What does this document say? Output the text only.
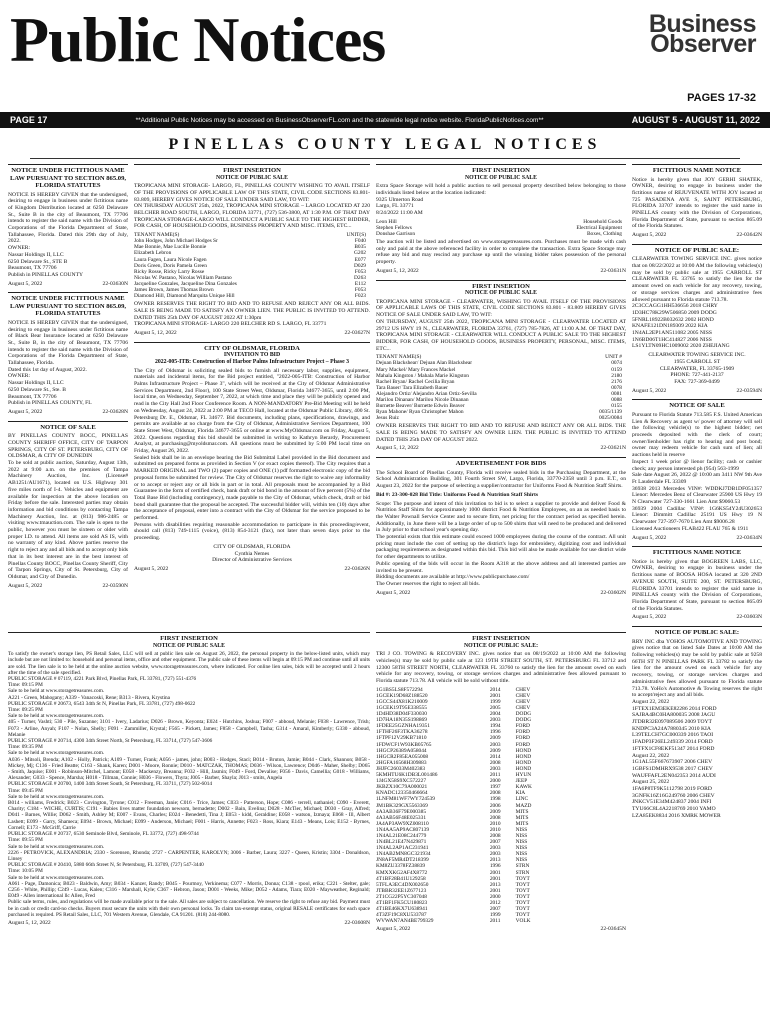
Public Notices	Business
Observer
PAGES 17-32
PAGE 17	**Additional Public Notices may be accessed on BusinessObserverFL.com and the statewide legal notice website. FloridaPublicNotices.com**	AUGUST 5 - AUGUST 11, 2022
PINELLAS COUNTY LEGAL NOTICES
NOTICE UNDER FICTITIOUS NAME LAW PURSUANT TO SECTION 865.09, FLORIDA STATUTES
NOTICE IS HEREBY GIVEN that the undersigned, desiring to engage in business under fictitious name of Kingdom Distribution located at 6250 Delaware St., Suite B in the city of Beaumont, TX 77706 intends to register the said name with the Division of Corporations of the Florida Department of State, Tallahassee, Florida. Dated this 29th day of July, 2022.
OWNER:
Nassar Holdings II, LLC
6250 Delaware St., STE B
Beaumont, TX 77706
Publish in PINELLAS COUNTY
August 5, 2022	22-03630N
NOTICE UNDER FICTITIOUS NAME LAW PURSUANT TO SECTION 865.09, FLORIDA STATUTES
NOTICE IS HEREBY GIVEN that the undersigned, desiring to engage in business under fictitious name of Black Bear Insurance located at 6250 Delaware St., Suite B, in the city of Beaumont, TX 77706 intends to register the said name with the Division of Corporations of the Florida Department of State, Tallahassee, Florida.
Dated this 1st day of August, 2022.
OWNER:
Nassar Holdings II, LLC
6250 Delaware St., Ste. B
Beaumont, TX 77706
Publish in PINELLAS COUNTY, FL
August 5, 2022	22-03628N
NOTICE OF SALE
BY PINELLAS COUNTY BOCC, PINELLAS COUNTY SHERIFF OFFICE, CITY OF TARPON SPRINGS, CITY OF ST. PETERSBURG, CITY OF OLDSMAR, & CITY OF DUNEDIN
To be sold at public auction, Saturday, August 13th, 2022 at 9:00 a.m. on the premises of Tampa Machinery Auction, Inc. (License# AB1251/AU1671), located on U.S. Highway 301 five miles north of I-4. Vehicles and equipment are available for inspection at the above location on Friday before the sale. Interested parties may obtain information and bid conditions by contacting Tampa Machinery Auction, Inc. at (813) 986-2485 or visiting www.tmauction.com. The sale is open to the public, however you must be sixteen or older with proper I.D. to attend. All items are sold AS IS, with no warranty of any kind. Above parties reserve the right to reject any and all bids and to accept only bids that in its best interest are in the best interest of Pinellas County BOCC, Pinellas County Sheriff, City of Tarpon Springs, City of St. Petersburg, City of Oldsmar, and City of Dunedin.
August 5, 2022	22-03590N
FIRST INSERTION
NOTICE OF PUBLIC SALE
TROPICANA MINI STORAGE- LARGO, FL, PINELLAS COUNTY WISHING TO AVAIL ITSELF OF THE PROVISIONS OF APPLICABLE LAW OF THIS STATE, CIVIL CODE SECTIONS 83.801-83.809, HEREBY GIVES NOTICE OF SALE UNDER SAID LAW, TO WIT:
ON THURSDAY AUGUST 25th, 2022, TROPICANA MINI STORAGE – LARGO LOCATED AT 220 BELCHER ROAD SOUTH, LARGO, FLORIDA 33771, (727) 536-3800, AT 1:30 P.M. OF THAT DAY TROPICANA STORAGE-LARGO WILL CONDUCT A PUBLIC SALE TO THE HIGHEST BIDDER, FOR CASH, OF HOUSEHOLD GOODS, BUSINESS PROPERTY AND MISC. ITEMS, ETC...
TENANT NAME(S)	UNIT(S)
John Hodges, John Michael Hodges Sr	F040
Mae Bonnie, Mae Lucille Bonnie	B035
Elizabeth Lebron	G202
Laura Fagen, Laura Nicole Fagen	E077
Doris Green, Doris Pamela Green	D029
Ricky Rosse, Ricky Larry Rosse	F053
Nicolas W. Pastano, Nicolas William Pastano	D263
Jacqueline Gonzales, Jacqueline Dina Gonzales	E112
James Brown, James Thomas Brown	F053
Diamond Hill, Diamond Marquita Unique Hill	F023
OWNER RESERVES THE RIGHT TO BID AND TO REFUSE AND REJECT ANY OR ALL BIDS. SALE IS BEING MADE TO SATISFY AN OWNER LIEN. THE PUBLIC IS INVITED TO ATTEND. DATED THIS 25th DAY OF AUGUST 2022 AT 1:30pm
TROPICANA MINI STORAGE- LARGO 220 BELCHER RD S. LARGO, FL 33771
August 5, 12, 2022	22-03627N
CITY OF OLDSMAR, FLORIDA
INVITATION TO BID
2022-005-ITB: Construction of Harbor Palms Infrastructure Project – Phase 3
The City of Oldsmar is soliciting sealed bids to furnish all necessary labor, supplies, equipment, materials and incidental items, for the Bid project entitled, "2022-005-ITB: Construction of Harbor Palms Infrastructure Project – Phase 3", which will be received at the City of Oldsmar Administrative Services Department, 2nd Floor), 100 State Street West, Oldsmar, Florida 34677-3655, until 2:00 PM, local time, on Wednesday, September 7, 2022, at which time and place they will be publicly opened and read in the City Hall 2nd Floor Conference Room. A NON-MANDATORY Pre-Bid Meeting will be held on Wednesday, August 24, 2022 at 2:00 PM at TECO Hall, located at the Oldsmar Public Library, 400 St. Petersburg Dr. E., Oldsmar, FL 34677. Bid documents, including plans, specifications, drawings, and permits are available at no charge from the City of Oldsmar, Administrative Services Department, 100 State Street West, Oldsmar, Florida 34677-3655 or online at www.MyOldsmar.com on Friday, August 5, 2022. Questions regarding this bid should be submitted in writing to Kathryn Berardy, Procurement Analyst, at purchasing@myoldsmar.com. All questions must be submitted by 5:00 PM local time on Friday, August 26, 2022.
Sealed bids shall be in an envelope bearing the Bid Submittal Label provided in the Bid document and submitted on prepared forms as provided in Section V (or exact copies thereof). The City requires that a MARKED ORIGINAL and TWO (2) paper copies and ONE (1) pdf formatted electronic copy of the bid proposal forms be submitted for review. The City of Oldsmar reserves the right to waive any informality or to accept or reject any or all bids in part or in total. All proposals must be accompanied by a Bid Guarantee in the form of certified check, bank draft or bid bond in the amount of five percent (5%) of the Total Base Bid (including contingency), made payable to the City of Oldsmar, which check, draft or bid bond shall guarantee that the proposal be accepted. The successful bidder will, within ten (10) days after the acceptance of proposal, enter into a contract with the City of Oldsmar for the service proposed to be performed.
Persons with disabilities requiring reasonable accommodation to participate in this proceeding/event, should call (813) 749-1115 (voice), (813) 854-3121 (fax), not later than seven days prior to the proceeding.
CITY OF OLDSMAR, FLORIDA
Cynthia Nemes
Director of Administrative Services
August 5, 2022	22-03626N
FIRST INSERTION
NOTICE OF PUBLIC SALE
Extra Space Storage will hold a public auction to sell personal property described below belonging to those individuals listed below at the location indicated:
9325 Ulmerton Road
Largo, FL 33771
8/24/2022 11:00 AM
Leon Hill	Household Goods
Stephen Fellows	Electrical Equipment
Donshae Garrison	Boxes, Clothing
The auction will be listed and advertised on www.storagetreasures.com. Purchases must be made with cash only and paid at the above referenced facility in order to complete the transaction. Extra Space Storage may refuse any bid and may rescind any purchase up until the winning bidder takes possession of the personal property.
August 5, 12, 2022	22-03631N
FIRST INSERTION
NOTICE OF PUBLIC SALE
TROPICANA MINI STORAGE - CLEARWATER, WISHING TO AVAIL ITSELF OF THE PROVISIONS OF APPLICABLE LAWS OF THIS STATE, CIVIL CODE SECTIONS 83.801 - 83.809 HEREBY GIVES NOTICE OF SALE UNDER SAID LAW, TO WIT:
ON THURSDAY, AUGUST 25th 2022, TROPICANA MINI STORAGE - CLEARWATER LOCATED AT 29712 US HWY 19 N., CLEARWATER, FLORIDA 33761, (727) 785-7826, AT 11:00 A.M. OF THAT DAY, TROPICANA MINI STORAGE - CLEARWATER WILL CONDUCT A PUBLIC SALE TO THE HIGHEST BIDDER, FOR CASH, OF HOUSEHOLD GOODS, BUSINESS PROPERTY, PERSONAL, MISC. ITEMS, ETC...
TENANT NAME(S)	UNIT #
Dejuan Blackshear/ Dejuan Alan Blackshear	0074
Mary Mackel/ Mary Frances Mackel	0159
Mahala Kingston / Mahala Marie Kingston	2180
Rachel Bryan/ Rachel Cecilia Bryan	2176
Tara Bauer/ Tara Elizabeth Bauer	0078
Alejandro Ortiz/ Alejandro Arian Ortiz-Sevilla	0081
Marilou Dinanan/ Marilou Nicole Dinanan	0088
Burnette Beaver/ Burnette Edwin Beaver	0155
Ryan Mahone/ Ryan Christopher Mahon	0035/1139
Jesus Ruiz	0025/0084
OWNER RESERVES THE RIGHT TO BID AND TO REFUSE AND REJECT ANY OR ALL BIDS. THE SALE IS BEING MADE TO SATISFY AN OWNER LIEN. THE PUBLIC IS INVITED TO ATTEND DATED THIS 25th DAY OF AUGUST 2022.
August 5, 12, 2022	22-03621N
ADVERTISEMENT FOR BIDS
The School Board of Pinellas County, Florida will receive sealed bids in the Purchasing Department, at the School Administration Building, 301 Fourth Street SW, Largo, Florida, 33770-2358 until 3 p.m. E.T., on August 23, 2022 for the purpose of selecting a supplier/contractor for Uniforms Food & Nutrition Staff Shirts.
Bid #: 23-300-028 Bid Title: Uniforms Food & Nutrition Staff Shirts
Scope: The purpose and intent of this invitation to bid is to select a supplier to provide and deliver Food & Nutrition Staff Shirts for approximately 1000 district Food & Nutrition Employees, on an as needed basis to the Walter Pownall Service Center and to secure firm, net pricing for the contract period as specified herein. Additionally, in June there will be a large order of up to 500 shirts that will need to be produced and delivered in July prior to that school year's opening day.
The potential exists that this estimate could exceed 1000 employees during the course of the contract. All unit pricing must include the cost of setting up the district's logo for embroidery, digitizing cost and individual packaging requirements as designated within this bid. This bid will also be made available for use district wide for other departments to utilize.
Public opening of the bids will occur in the Room A318 at the above address and all interested parties are invited to be present.
Bidding documents are available at http://www.publicpurchase.com/
The Owner reserves the right to reject all bids.
August 5, 2022	22-03602N
FICTITIOUS NAME NOTICE
Notice is hereby given that JOY GERHI SHATEK, OWNER, desiring to engage in business under the fictitious name of REJUVENATE WITH JOY located at 725 PASADENA AVE S, SAINT PETERSBURG, FLORIDA 33707 intends to register the said name in PINELLAS county with the Division of Corporations, Florida Department of State, pursuant to section 865.09 of the Florida Statutes.
August 5, 2022	22-03642N
NOTICE OF PUBLIC SALE:
CLEARWATER TOWING SERVICE INC. gives notice that on 08/22/2022 at 10:00 AM the following vehicles(s) may be sold by public sale at 1955 CARROLL ST CLEARWATER FL 33765 to satisfy the lien for the amount owed on each vehicle for any recovery, towing, or storage services charges and administrative fees allowed pursuant to Florida statute 713.78.
2C3CCAGG1HH536656 2018 CHRY
1D3HC78K29W506850 2009 DODG
5FNRL18922B032632 2002 HOND
KNAFE121DN189309 2022 KIA
1N4AL2EP1AN511082 2005 NISS
1N6BD06T1HC414827 2006 NISS
LS1YLTN09HC1009002 2020 ZHEJIANG
CLEARWATER TOWING SERVICE INC.
1955 CARROLL ST
CLEARWATER, FL 33765-1909
PHONE: 727-441-2137
FAX: 727-369-0499
August 5, 2022	22-03594N
NOTICE OF SALE
Pursuant to Florida Statute 713.585 F.S. United American Lien & Recovery as agent w/ power of attorney will sell the following vehicle(s) to the highest bidder; net proceeds deposited with the clerk of court; owner/lienholder has right to hearing and post bond; owner may redeem vehicle for cash sum of lien; all auctions held in reserve
Inspect 1 week prior @ lienor facility; cash or cashier check; any person interested ph (954) 563-1999
Sale date August 26, 2022 @ 10:00 am 3411 NW 9th Ave Ft Lauderdale FL 33309
36938 2013 Mercedes VIN#: WDDKJ7DB1DF051357 Lienor: Mercedes Benz of Clearwater 25900 US Hwy 19 N Clearwater 727-330-1661 Lien Amt $9060.53
36939 2004 Cadillac VIN#: 1G6KS54Y24U302653 Lienor: Dimmitt Cadillac 25191 US Hwy 19 N Clearwater 727-397-7670 Lien Amt $9006.28
Licensed Auctioneers FLAB422 FLAU 765 & 1911
August 5, 2022	22-03634N
FICTITIOUS NAME NOTICE
Notice is hereby given that BOGREEN LABS, LLC, OWNER, desiring to engage in business under the fictitious name of BOOSA HOSA located at 320 2ND AVENUE SOUTH, SUITE 200, ST. PETERSBURG, FLORIDA 33701 intends to register the said name in PINELLAS county with the Division of Corporations, Florida Department of State, pursuant to section 865.09 of the Florida Statutes.
August 5, 2022	22-03603N
NOTICE OF PUBLIC SALE:
RRY INC dba YOHOS AUTOMOTIVE AND TOWING gives notice that on listed Sale Dates at 10:00 AM the following vehicles(s) may be sold by public sale at 9258 66TH ST N PINELLAS PARK FL 33782 to satisfy the lien for the amount owed on each vehicle for any recovery, towing, or storage services charges and administrative fees allowed pursuant to Florida statute 713.78. YoHo's Automotive & Towing reserves the right to accept/reject any and all bids.
August 22, 2022
1FTEX1EM3EKE82286 2014 FORD
SAJBA4BC0HA800035 2008 JAGU
JTDBR32E097089506 2009 TOYT
KNDPC3A24A7880345 2010 KIA
L39TELCH7GC000339 2016 TAOI
1FADP3F26EL249339 2014 FORD
1FTFX1CF8EKF51347 2014 FORD
August 22, 2022
1G1AL55F667673907 2006 CHEV
1GBFS1DMHRX9538 2017 CHEV
WAUFFAFL2EN042353 2014 AUDI
August 25, 2022
1FA6P8TF9K5112798 2019 FORD
3GNFK16Z16G249760 2006 CHEV
JNKCV51E34M424837 2004 INFI
TYU66C8L4A2218769 2010 YAMO
LZA85EK8834 2016 XMRK MOWER
FIRST INSERTION
NOTICE OF PUBLIC SALE
To satisfy the owner's storage lien, PS Retail Sales, LLC will sell at public lien sale on August 26, 2022, the personal property in the below-listed units, which may include but are not limited to: household and personal items, office and other equipment. The public sale of these items will begin at 09:15 PM and continue until all units are sold. The lien sale is to be held at the online auction website, www.storagetreasures.com, where indicated. For online lien sales, bids will be accepted until 2 hours after the time of the sale specified.
PUBLIC STORAGE # 07119, 4221 Park Blvd, Pinellas Park, FL 33781, (727) 551-4376
Time: 09:15 PM
Sale to be held at www.storagetreasures.com.
A221 - Green, Mahogany; A339 - Vanacoski, Rene; B313 - Rivera, Krystina
PUBLIC STORAGE # 20673, 6543 34th St N, Pinellas Park, FL 33781, (727) 498-0622
Time: 09:25 PM
Sale to be held at www.storagetreasures.com.
405 - Turner, Vashti; 530 - Pile, Suzanne; 3101 - Ivery, Ladarius; D026 - Brown, Keyonta; E024 - Hutchins, Joshua; F007 - abboud, Melanie; F038 - Lawrence, Trish; F073 - Arline, Anyah; F107 - Nolan, Shelly; F091 - Zammiller, Krystal; F565 - Pickett, James; F858 - Campbell, Tasha; G314 - Amaral, Kimberly; G330 - abboud, Melanie
PUBLIC STORAGE # 20714, 4300 34th Street North, St Petersburg, FL 33714, (727) 547-3606
Time: 09:35 PM
Sale to be held at www.storagetreasures.com.
A036 - Mitsoli, Brenda; A102 - Holly, Patrick; A109 - Turner, Frank; A056 - james, john; B003 - Hodges, Staci; B014 - Bruton, Jamie; B044 - Clark, Shannon; B058 - Mickey, Mj; C136 - Fried Beatte; C163 - Shank, Karen; D001 - Moore, Ronnie; D010 - MATCZAK, THOMAS; D036 - Wilson, Lawrence; D046 - Maher, Shelby; D065 - Smith, Jaquise; E001 - Robinson-Mitchel, Lamont; E058 - Mackenzy, Breanna; F032 - Hill, Jasmin; F049 - Ford, Devalise; F056 - Davis, Camellia; G018 - Williams, Alexander; G033 - Spence, Marsha; H018 - Tillman, Connie; H036 - Flowers, Thyra; J005 - Barber, Shayla; J013 - smits, Angela
PUBLIC STORAGE # 20700, 1400 34th Street South, St Petersburg, FL 33711, (727) 502-6014
Time: 09:45 PM
Sale to be held at www.storagetreasures.com.
B014 - williams, Fredrick; B023 - Covington, Tyrone; C012 - Freeman, Janie; C016 - Trice, James; C033 - Patterson, Hope; C086 - terrell, nathaniel; C090 - Everett, Charity; C184 - WICHE, CURTIS; C191 - Babies lives matter foundation newsom, bernadette; D002 - Bain, Evelina; D028 - McTier, Michael; D030 - Gray, Alfred; D041 - Barnes, Willie; D062 - Smith, Ashley M; E007 - Evans, Charles; E024 - Benedetti, Tina J; E053 - kidd, Geraldine; E058 - watson, Izmaya; E068 - Ill, Albert Lashett; E099 - Garry, Shameca; E094 - Brown, Michael; E099 - Anderson, Michael; F001 - Harris, Annette; F023 - Ross, Kiara; E143 - Means, Lois; E152 - Byrnes, Cornell; E173 - McGriff, Carrie
PUBLIC STORAGE # 20737, 6530 Seminole Blvd, Seminole, FL 33772, (727) 498-9744
Time: 09:55 PM
Sale to be held at www.storagetreasures.com.
2226 - PETROVICK, ALEXANDRIA; 2330 - Sorensen, Rhonda; 2727 - CARPENTER, KAROLYN; 3006 - Barber, Laura; 3227 - Queen, Kristin; 3304 - Donaldson, Linsey
PUBLIC STORAGE # 20410, 5880 66th Street N, St Petersburg, FL 33709, (727) 547-3440
Time: 10:05 PM
Sale to be held at www.storagetreasures.com.
A061 - Page, Damonica; B023 - Baldwin, Amy; B034 - Kanzer, Randy; B045 - Pourmoy, Verkinema; C077 - Morris, Donna; C138 - rpool, erika; C221 - Stelter, gale; C256 - White, Phillip; C249 - Lucas, Kalen; C316 - Marshall, Kyle; C367 - Hebron, Jason; D001 - Weeks, Mike; D052 - Adams, Tiara; E020 - Mayweather, Reginald; E049 - Allen international llc Allen, Fred
Public sale terms, rules, and regulations will be made available prior to the sale. All sales are subject to cancellation. We reserve the right to refuse any bid. Payment must be in cash or credit card-no checks. Buyers must secure the units with their own personal locks. To claim tax-exempt status, original RESALE certificates for each space purchased is required. PS Retail Sales, LLC, 701 Western Avenue, Glendale, CA 91201. (818) 244-8080.
August 5, 12, 2022	22-03608N
FIRST INSERTION
NOTICE OF PUBLIC SALE:
TRI J CO. TOWING & RECOVERY INC. gives notice that on 08/19/2022 at 10:00 AM the following vehicles(s) may be sold by public sale at 123 19TH STREET SOUTH, ST. PETERSBURG FL 33712 and 12300 58TH STREET NORTH, CLEARWATER FL 33760 to satisfy the lien for the amount owed on each vehicle for any recovery, towing, or storage services charges and administrative fees allowed pursuant to Florida statute 713.78. All vehicle will be sold without title.
1G1BS5LS8F572294	2014	CHEV
1GCEK19D68Z188520	2001	CHEV
1GCCS44X81K210009	1999	CHEV
1GCEK19T95E338555	2005	CHEV
1D4HD38D04F330030	2004	DODG
1D7HA18N35S198869	2003	DODG
1FDEE25GZNHA19351	1994	FORD
1FTHF26F3TKA36278	1996	FORD
1FTPF12V29KB71810	2009	FORD
1FDWCF1W93KB05765	2003	FORD
1HGCP26389A058044	2009	HOND
1HGCR2F85EA055008	2014	HOND
2HGFA16568H309883	2008	HOND
JHJFC26033M402383	2003	HOND
5KMHTU6K1DB3L001486	2011	HYUN
1J4GX58S9XC572227	2000	JEEP
JKBZX10C79A000021	1997	KAWK
KNADC123350466664	2008	KIA
1LNFM81WF7WY724539	1998	LINC
JM1BK329GX5563369	2006	MAZD
4A3AB36F79E000385	2009	MITS
4A3AB56F48E025331	2008	MITS
JA4AP3AW9XZ008110	2010	MITS
1N4AA5AP9AC807139	2010	NISS
1N4AL21E08C244779	2008	NISS
1N4BL21E47N429871	2007	NISS
1N4AL2AP1AC231941	2003	NISS
1N4AB2MN8GC321934	2003	NISS
JN8AF5MR4DT218399	2013	NISS
KM8ZU3378FZ38839	1996	STRN
KMXXKG2AF4X8772	2001	STRN
4T1BF28B41U129258	2001	TOYT
5TFLA3EC4DX002650	2013	TOYT
JTBBR32EE1Z677123	2001	TOYT
2T1CG22P5YC307048	2000	TOYT
4T1BF1FK5CU180823	2012	TOYT
4T1BE46KX7U638941	2007	TOYT
4T3ZF19C8XU533787	1999	TOYT
WVWAN7AN4BE799329	2011	VOLK
August 5, 2022	22-03645N
